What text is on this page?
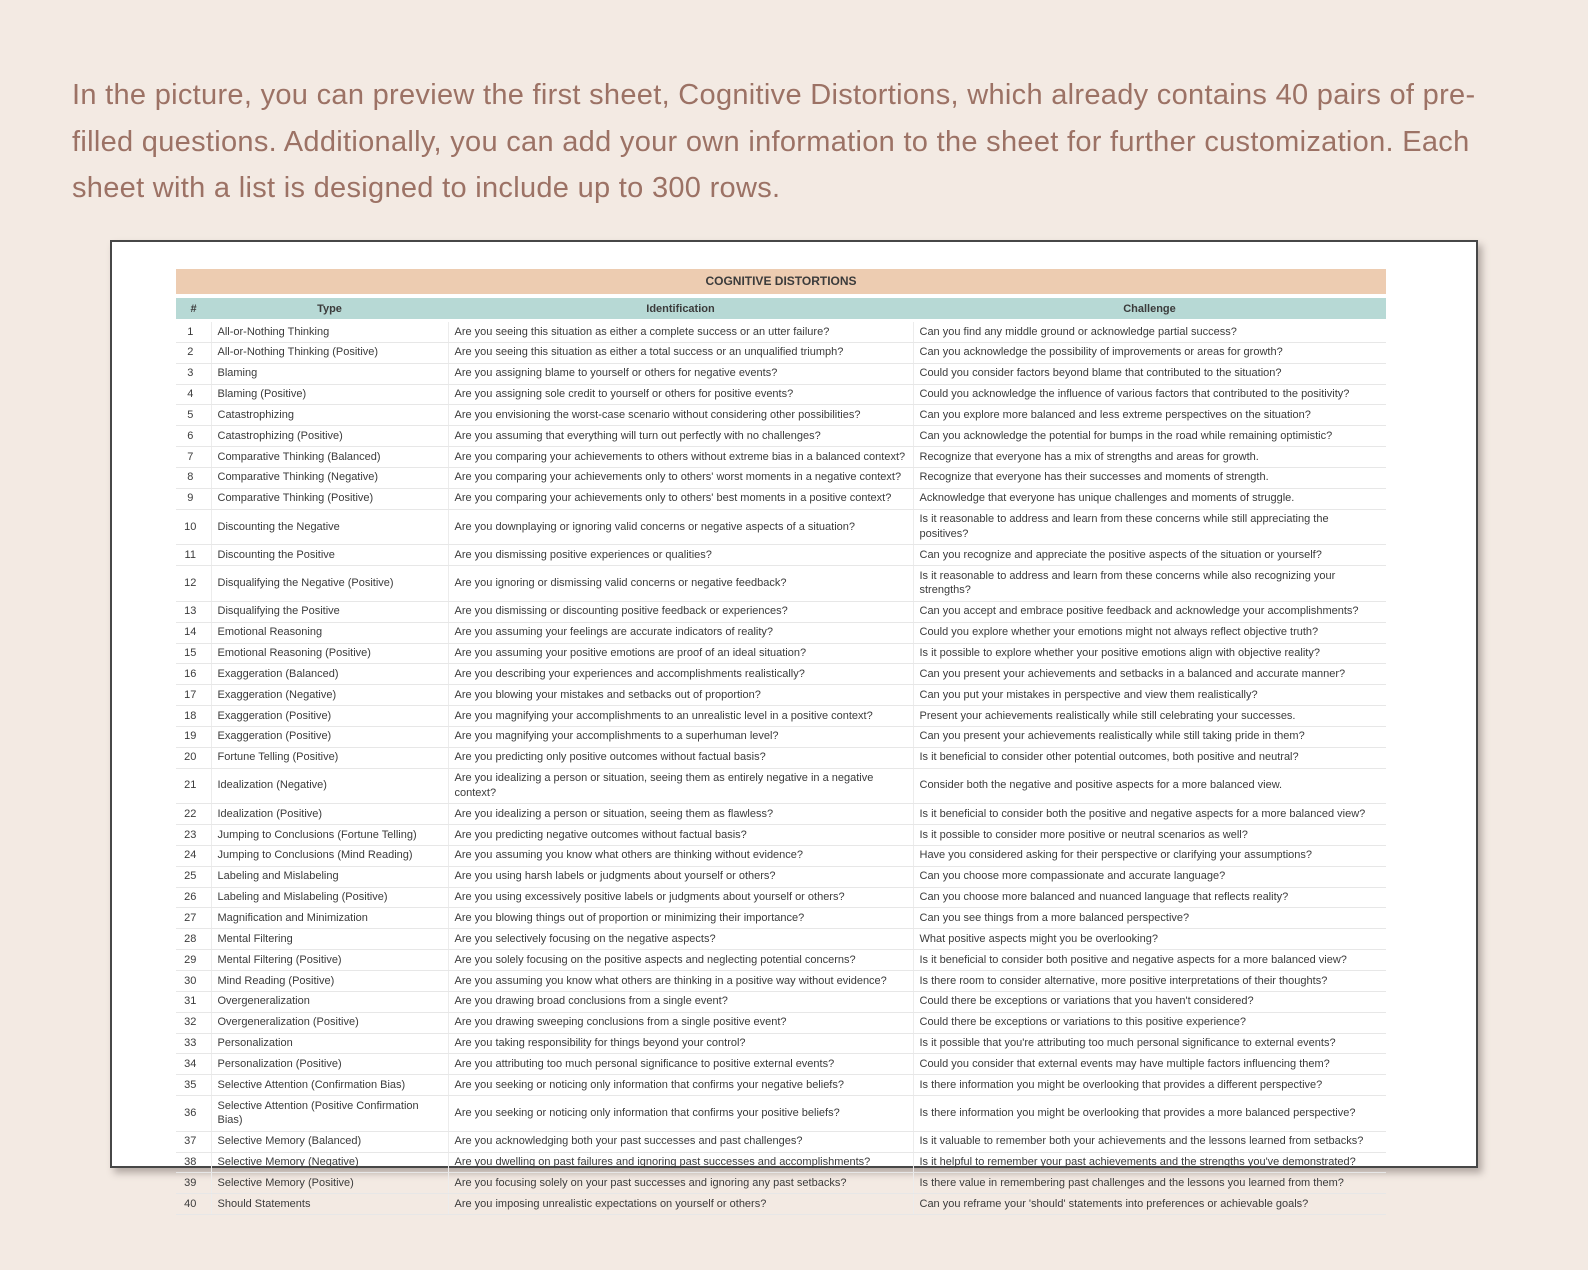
In the picture, you can preview the first sheet, Cognitive Distortions, which already contains 40 pairs of pre-filled questions. Additionally, you can add your own information to the sheet for further customization. Each sheet with a list is designed to include up to 300 rows.
COGNITIVE DISTORTIONS
#	Type	Identification	Challenge
1	All-or-Nothing Thinking	Are you seeing this situation as either a complete success or an utter failure?	Can you find any middle ground or acknowledge partial success?
2	All-or-Nothing Thinking (Positive)	Are you seeing this situation as either a total success or an unqualified triumph?	Can you acknowledge the possibility of improvements or areas for growth?
3	Blaming	Are you assigning blame to yourself or others for negative events?	Could you consider factors beyond blame that contributed to the situation?
4	Blaming (Positive)	Are you assigning sole credit to yourself or others for positive events?	Could you acknowledge the influence of various factors that contributed to the positivity?
5	Catastrophizing	Are you envisioning the worst-case scenario without considering other possibilities?	Can you explore more balanced and less extreme perspectives on the situation?
6	Catastrophizing (Positive)	Are you assuming that everything will turn out perfectly with no challenges?	Can you acknowledge the potential for bumps in the road while remaining optimistic?
7	Comparative Thinking (Balanced)	Are you comparing your achievements to others without extreme bias in a balanced context?	Recognize that everyone has a mix of strengths and areas for growth.
8	Comparative Thinking (Negative)	Are you comparing your achievements only to others' worst moments in a negative context?	Recognize that everyone has their successes and moments of strength.
9	Comparative Thinking (Positive)	Are you comparing your achievements only to others' best moments in a positive context?	Acknowledge that everyone has unique challenges and moments of struggle.
10	Discounting the Negative	Are you downplaying or ignoring valid concerns or negative aspects of a situation?	Is it reasonable to address and learn from these concerns while still appreciating the positives?
11	Discounting the Positive	Are you dismissing positive experiences or qualities?	Can you recognize and appreciate the positive aspects of the situation or yourself?
12	Disqualifying the Negative (Positive)	Are you ignoring or dismissing valid concerns or negative feedback?	Is it reasonable to address and learn from these concerns while also recognizing your strengths?
13	Disqualifying the Positive	Are you dismissing or discounting positive feedback or experiences?	Can you accept and embrace positive feedback and acknowledge your accomplishments?
14	Emotional Reasoning	Are you assuming your feelings are accurate indicators of reality?	Could you explore whether your emotions might not always reflect objective truth?
15	Emotional Reasoning (Positive)	Are you assuming your positive emotions are proof of an ideal situation?	Is it possible to explore whether your positive emotions align with objective reality?
16	Exaggeration (Balanced)	Are you describing your experiences and accomplishments realistically?	Can you present your achievements and setbacks in a balanced and accurate manner?
17	Exaggeration (Negative)	Are you blowing your mistakes and setbacks out of proportion?	Can you put your mistakes in perspective and view them realistically?
18	Exaggeration (Positive)	Are you magnifying your accomplishments to an unrealistic level in a positive context?	Present your achievements realistically while still celebrating your successes.
19	Exaggeration (Positive)	Are you magnifying your accomplishments to a superhuman level?	Can you present your achievements realistically while still taking pride in them?
20	Fortune Telling (Positive)	Are you predicting only positive outcomes without factual basis?	Is it beneficial to consider other potential outcomes, both positive and neutral?
21	Idealization (Negative)	Are you idealizing a person or situation, seeing them as entirely negative in a negative context?	Consider both the negative and positive aspects for a more balanced view.
22	Idealization (Positive)	Are you idealizing a person or situation, seeing them as flawless?	Is it beneficial to consider both the positive and negative aspects for a more balanced view?
23	Jumping to Conclusions (Fortune Telling)	Are you predicting negative outcomes without factual basis?	Is it possible to consider more positive or neutral scenarios as well?
24	Jumping to Conclusions (Mind Reading)	Are you assuming you know what others are thinking without evidence?	Have you considered asking for their perspective or clarifying your assumptions?
25	Labeling and Mislabeling	Are you using harsh labels or judgments about yourself or others?	Can you choose more compassionate and accurate language?
26	Labeling and Mislabeling (Positive)	Are you using excessively positive labels or judgments about yourself or others?	Can you choose more balanced and nuanced language that reflects reality?
27	Magnification and Minimization	Are you blowing things out of proportion or minimizing their importance?	Can you see things from a more balanced perspective?
28	Mental Filtering	Are you selectively focusing on the negative aspects?	What positive aspects might you be overlooking?
29	Mental Filtering (Positive)	Are you solely focusing on the positive aspects and neglecting potential concerns?	Is it beneficial to consider both positive and negative aspects for a more balanced view?
30	Mind Reading (Positive)	Are you assuming you know what others are thinking in a positive way without evidence?	Is there room to consider alternative, more positive interpretations of their thoughts?
31	Overgeneralization	Are you drawing broad conclusions from a single event?	Could there be exceptions or variations that you haven't considered?
32	Overgeneralization (Positive)	Are you drawing sweeping conclusions from a single positive event?	Could there be exceptions or variations to this positive experience?
33	Personalization	Are you taking responsibility for things beyond your control?	Is it possible that you're attributing too much personal significance to external events?
34	Personalization (Positive)	Are you attributing too much personal significance to positive external events?	Could you consider that external events may have multiple factors influencing them?
35	Selective Attention (Confirmation Bias)	Are you seeking or noticing only information that confirms your negative beliefs?	Is there information you might be overlooking that provides a different perspective?
36	Selective Attention (Positive Confirmation Bias)	Are you seeking or noticing only information that confirms your positive beliefs?	Is there information you might be overlooking that provides a more balanced perspective?
37	Selective Memory (Balanced)	Are you acknowledging both your past successes and past challenges?	Is it valuable to remember both your achievements and the lessons learned from setbacks?
38	Selective Memory (Negative)	Are you dwelling on past failures and ignoring past successes and accomplishments?	Is it helpful to remember your past achievements and the strengths you've demonstrated?
39	Selective Memory (Positive)	Are you focusing solely on your past successes and ignoring any past setbacks?	Is there value in remembering past challenges and the lessons you learned from them?
40	Should Statements	Are you imposing unrealistic expectations on yourself or others?	Can you reframe your 'should' statements into preferences or achievable goals?
